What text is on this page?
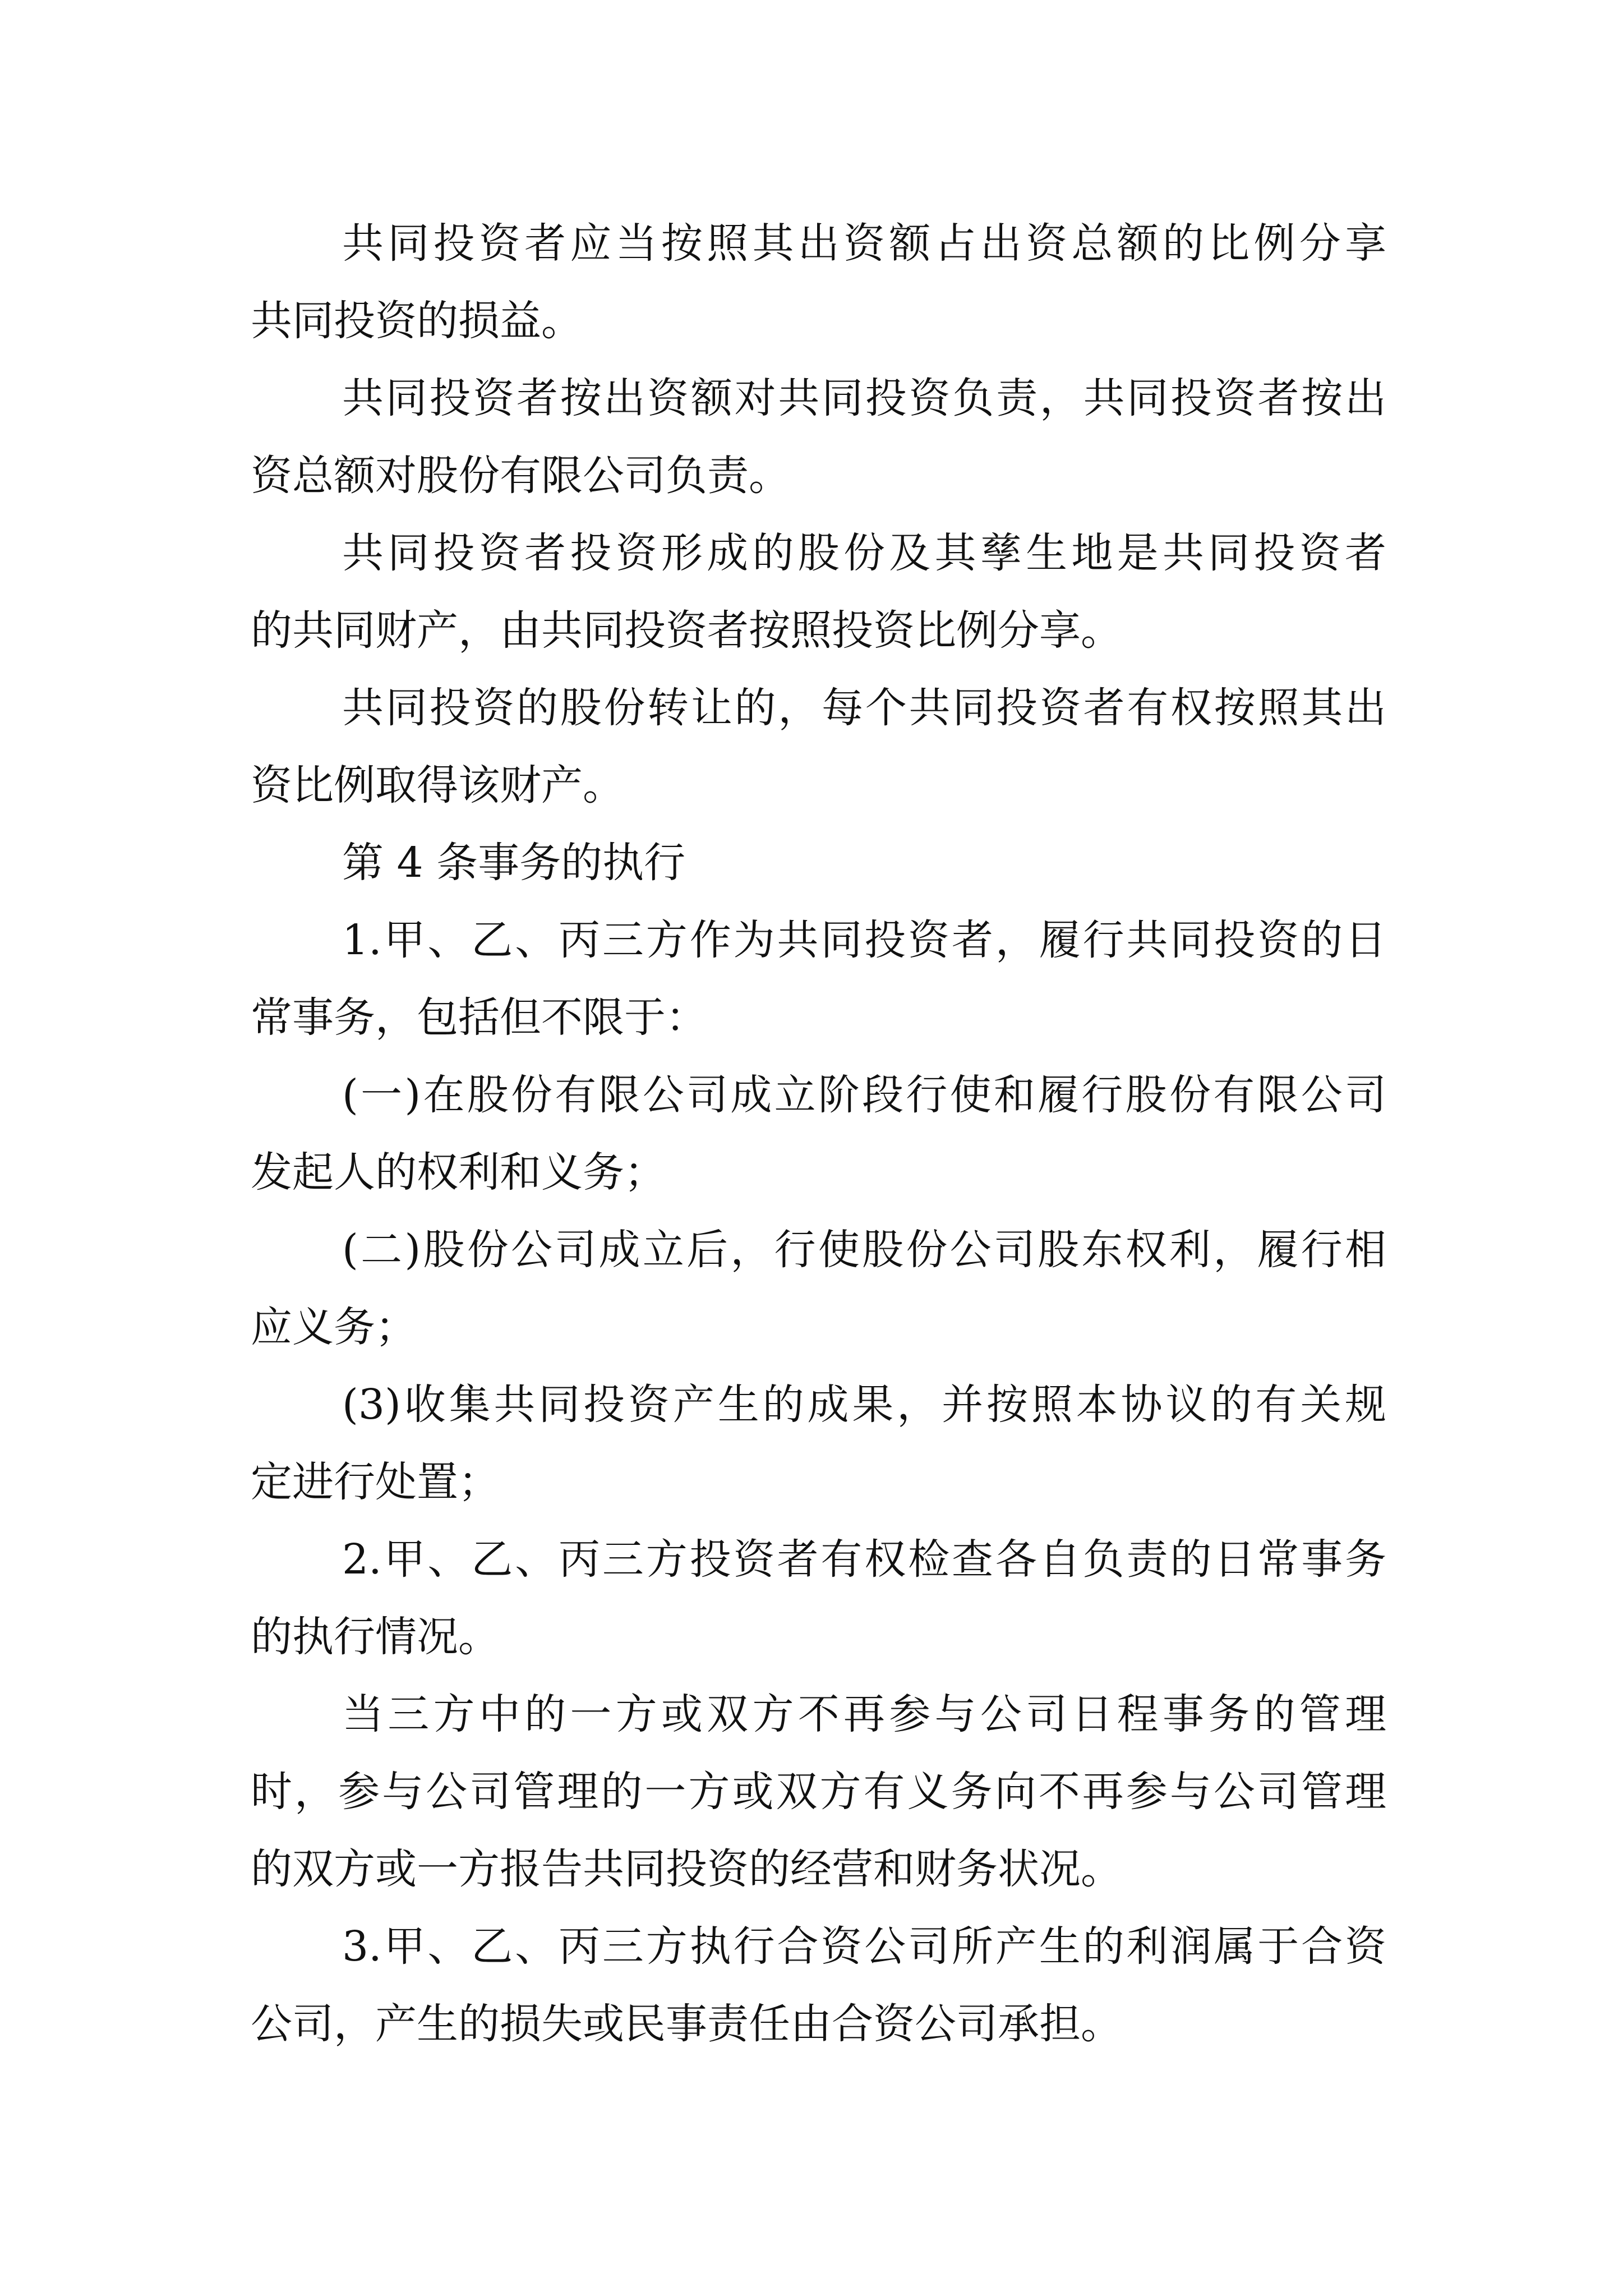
共同投资者应当按照其出资额占出资总额的比例分享
共同投资的损益。
共同投资者按出资额对共同投资负责，共同投资者按出
资总额对股份有限公司负责。
共同投资者投资形成的股份及其孳生地是共同投资者
的共同财产，由共同投资者按照投资比例分享。
共同投资的股份转让的，每个共同投资者有权按照其出
资比例取得该财产。
第 4 条事务的执行
1.甲、乙、丙三方作为共同投资者，履行共同投资的日
常事务，包括但不限于：
(一)在股份有限公司成立阶段行使和履行股份有限公司
发起人的权利和义务；
(二)股份公司成立后，行使股份公司股东权利，履行相
应义务；
(3)收集共同投资产生的成果，并按照本协议的有关规
定进行处置；
2.甲、乙、丙三方投资者有权检查各自负责的日常事务
的执行情况。
当三方中的一方或双方不再参与公司日程事务的管理
时，参与公司管理的一方或双方有义务向不再参与公司管理
的双方或一方报告共同投资的经营和财务状况。
3.甲、乙、丙三方执行合资公司所产生的利润属于合资
公司，产生的损失或民事责任由合资公司承担。
